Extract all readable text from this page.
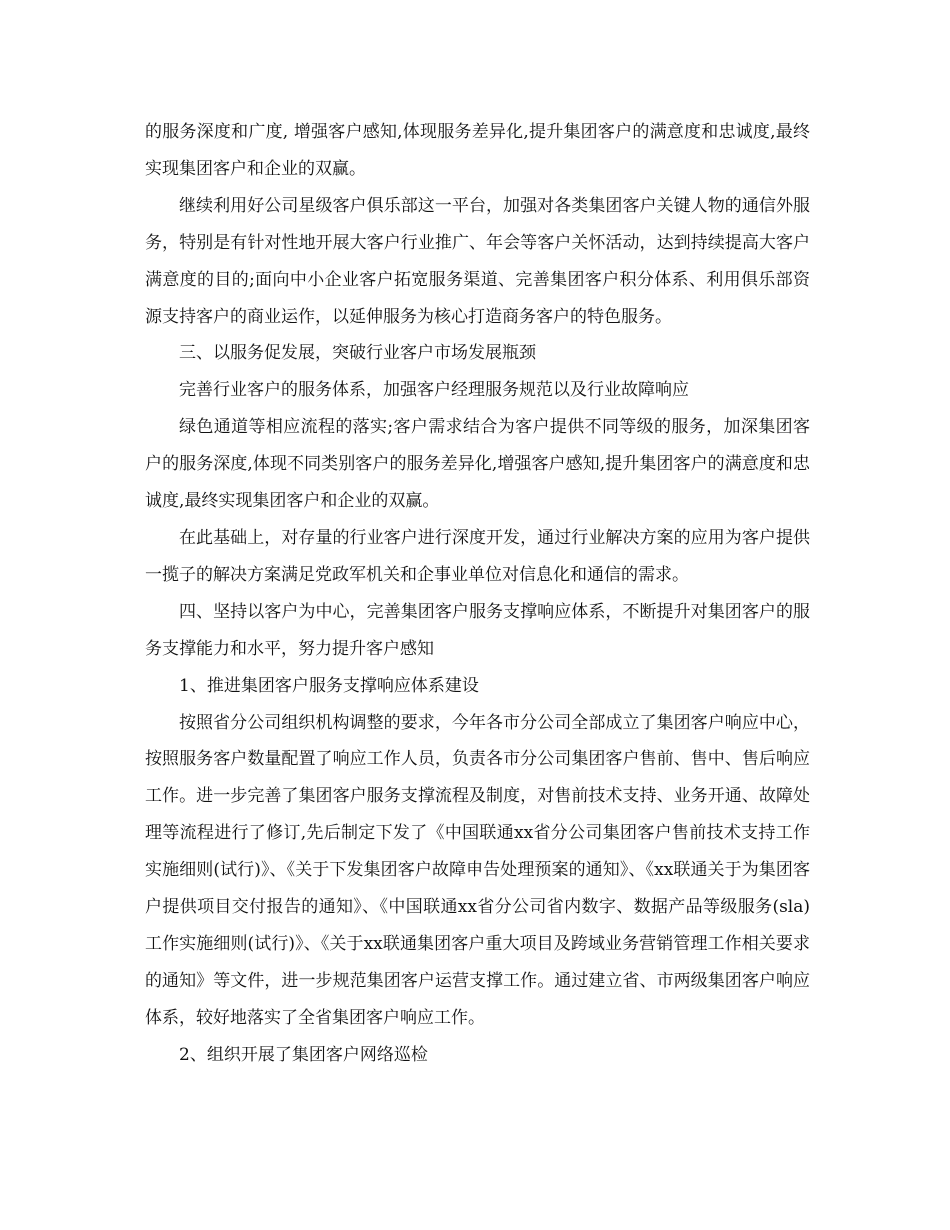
的服务深度和广度, 增强客户感知,体现服务差异化,提升集团客户的满意度和忠诚度,最终实现集团客户和企业的双赢。

继续利用好公司星级客户俱乐部这一平台，加强对各类集团客户关键人物的通信外服务，特别是有针对性地开展大客户行业推广、年会等客户关怀活动，达到持续提高大客户满意度的目的;面向中小企业客户拓宽服务渠道、完善集团客户积分体系、利用俱乐部资源支持客户的商业运作，以延伸服务为核心打造商务客户的特色服务。

三、以服务促发展，突破行业客户市场发展瓶颈

完善行业客户的服务体系，加强客户经理服务规范以及行业故障响应

绿色通道等相应流程的落实;客户需求结合为客户提供不同等级的服务，加深集团客户的服务深度,体现不同类别客户的服务差异化,增强客户感知,提升集团客户的满意度和忠诚度,最终实现集团客户和企业的双赢。

在此基础上，对存量的行业客户进行深度开发，通过行业解决方案的应用为客户提供一揽子的解决方案满足党政军机关和企事业单位对信息化和通信的需求。

四、坚持以客户为中心，完善集团客户服务支撑响应体系，不断提升对集团客户的服务支撑能力和水平，努力提升客户感知

1、推进集团客户服务支撑响应体系建设

按照省分公司组织机构调整的要求，今年各市分公司全部成立了集团客户响应中心，按照服务客户数量配置了响应工作人员，负责各市分公司集团客户售前、售中、售后响应工作。进一步完善了集团客户服务支撑流程及制度，对售前技术支持、业务开通、故障处理等流程进行了修订,先后制定下发了《中国联通xx省分公司集团客户售前技术支持工作实施细则(试行)》、《关于下发集团客户故障申告处理预案的通知》、《xx联通关于为集团客户提供项目交付报告的通知》、《中国联通xx省分公司省内数字、数据产品等级服务(sla)工作实施细则(试行)》、《关于xx联通集团客户重大项目及跨域业务营销管理工作相关要求的通知》等文件，进一步规范集团客户运营支撑工作。通过建立省、市两级集团客户响应体系，较好地落实了全省集团客户响应工作。

2、组织开展了集团客户网络巡检
